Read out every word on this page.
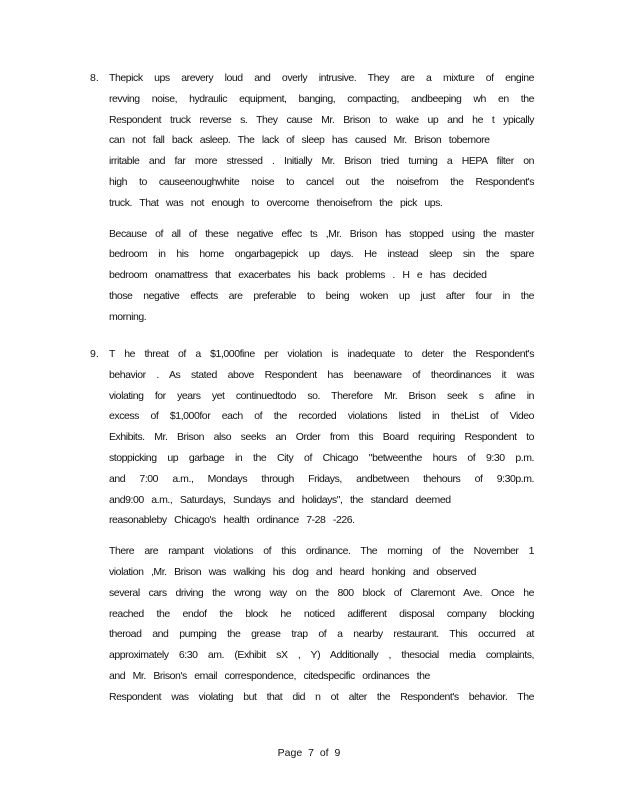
8. Thepick ups arevery loud and overly intrusive. They are a mixture of engine
revving noise, hydraulic equipment, banging, compacting, andbeeping wh en the
Respondent truck reverse s. They cause Mr. Brison to wake up and he t ypically
can not fall back asleep. The lack of sleep has caused Mr. Brison tobemore
irritable and far more stressed . Initially Mr. Brison tried turning a HEPA filter on
high to causeenoughwhite noise to cancel out the noisefrom the Respondent's
truck. That was not enough to overcome thenoisefrom the pick ups.
Because of all of these negative effec ts ,Mr. Brison has stopped using the master
bedroom in his home ongarbagepick up days. He instead sleep sin the spare
bedroom onamattress that exacerbates his back problems . H e has decided
those negative effects are preferable to being woken up just after four in the
morning.
9. T he threat of a $1,000fine per violation is inadequate to deter the Respondent's
behavior . As stated above Respondent has beenaware of theordinances it was
violating for years yet continuedtodo so. Therefore Mr. Brison seek s afine in
excess of $1,000for each of the recorded violations listed in theList of Video
Exhibits. Mr. Brison also seeks an Order from this Board requiring Respondent to
stoppicking up garbage in the City of Chicago "betweenthe hours of 9:30 p.m.
and 7:00 a.m., Mondays through Fridays, andbetween thehours of 9:30p.m.
and9:00 a.m., Saturdays, Sundays and holidays", the standard deemed
reasonableby Chicago's health ordinance 7-28 -226.
There are rampant violations of this ordinance. The morning of the November 1
violation ,Mr. Brison was walking his dog and heard honking and observed
several cars driving the wrong way on the 800 block of Claremont Ave. Once he
reached the endof the block he noticed adifferent disposal company blocking
theroad and pumping the grease trap of a nearby restaurant. This occurred at
approximately 6:30 am. (Exhibit sX , Y) Additionally , thesocial media complaints,
and Mr. Brison's email correspondence, citedspecific ordinances the
Respondent was violating but that did n ot alter the Respondent's behavior. The
Page 7 of 9
